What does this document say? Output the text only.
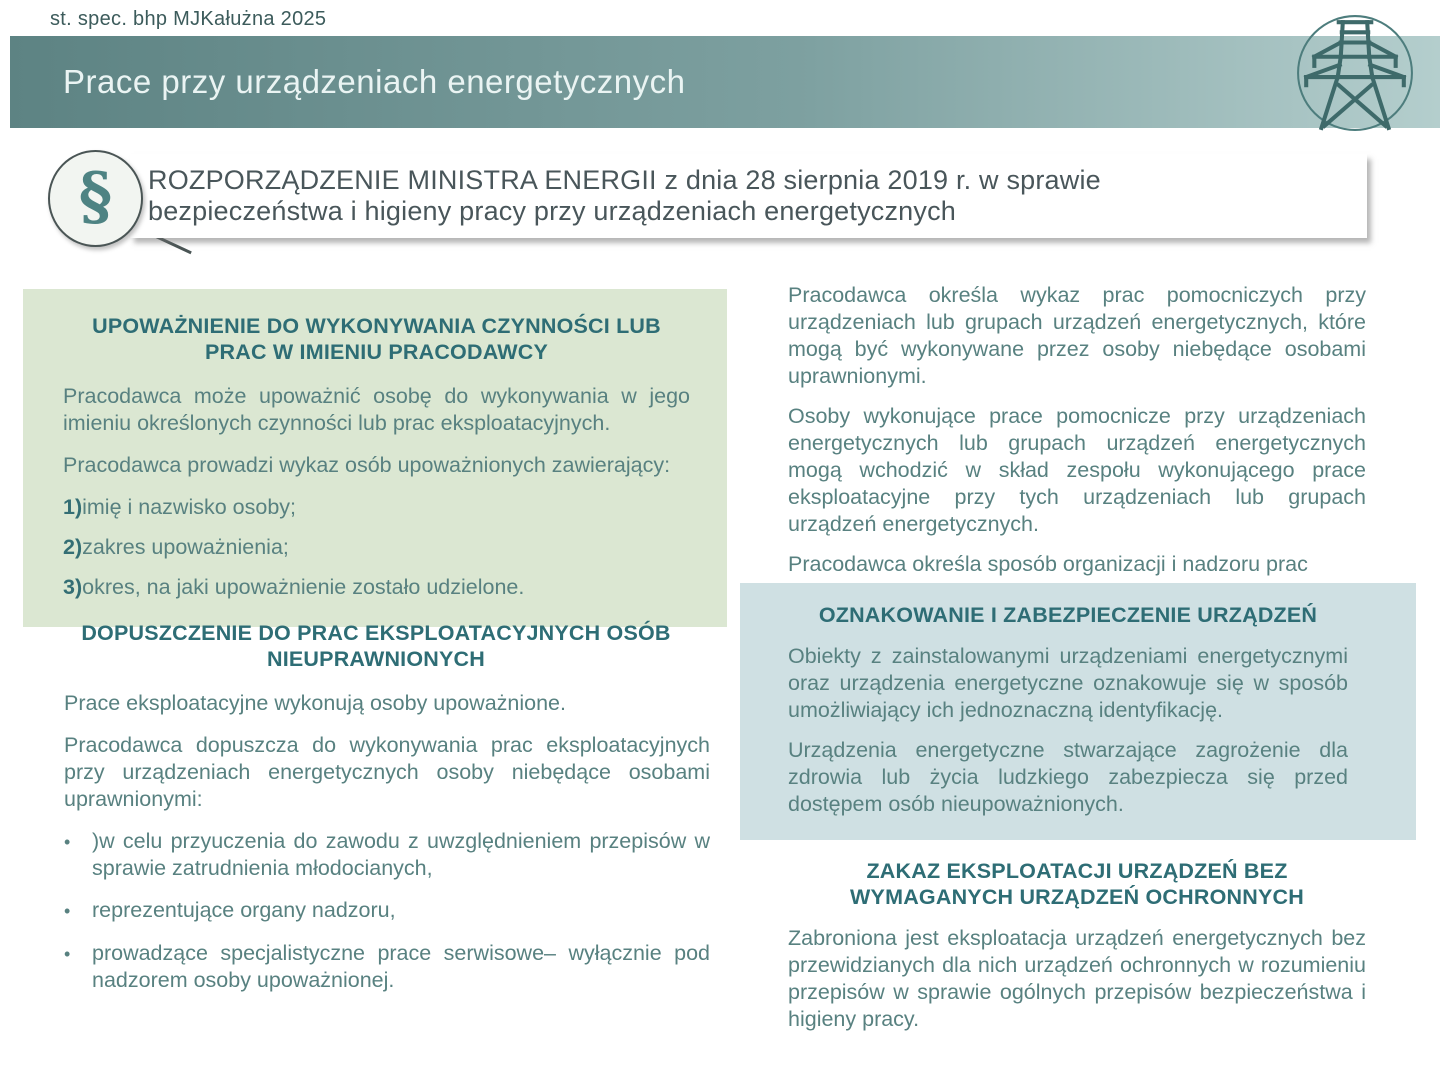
st. spec. bhp MJKałużna 2025
Prace przy urządzeniach energetycznych
ROZPORZĄDZENIE MINISTRA ENERGII z dnia 28 sierpnia 2019 r. w sprawie bezpieczeństwa i higieny pracy przy urządzeniach energetycznych
§
UPOWAŻNIENIE DO WYKONYWANIA CZYNNOŚCI LUB PRAC W IMIENIU PRACODAWCY

Pracodawca może upoważnić osobę do wykonywania w jego imieniu określonych czynności lub prac eksploatacyjnych.

Pracodawca prowadzi wykaz osób upoważnionych zawierający:

1)imię i nazwisko osoby;
2)zakres upoważnienia;
3)okres, na jaki upoważnienie zostało udzielone.
DOPUSZCZENIE DO PRAC EKSPLOATACYJNYCH OSÓB NIEUPRAWNIONYCH

Prace eksploatacyjne wykonują osoby upoważnione.

Pracodawca dopuszcza do wykonywania prac eksploatacyjnych przy urządzeniach energetycznych osoby niebędące osobami uprawnionymi:

•
)w celu przyuczenia do zawodu z uwzględnieniem przepisów w sprawie zatrudnienia młodocianych,
•
reprezentujące organy nadzoru,
•
prowadzące specjalistyczne prace serwisowe– wyłącznie pod nadzorem osoby upoważnionej.

Pracodawca określa wykaz prac pomocniczych przy urządzeniach lub grupach urządzeń energetycznych, które mogą być wykonywane przez osoby niebędące osobami uprawnionymi.

Osoby wykonujące prace pomocnicze przy urządzeniach energetycznych lub grupach urządzeń energetycznych mogą wchodzić w skład zespołu wykonującego prace eksploatacyjne przy tych urządzeniach lub grupach urządzeń energetycznych.

Pracodawca określa sposób organizacji i nadzoru prac

OZNAKOWANIE I ZABEZPIECZENIE URZĄDZEŃ

Obiekty z zainstalowanymi urządzeniami energetycznymi oraz urządzenia energetyczne oznakowuje się w sposób umożliwiający ich jednoznaczną identyfikację.

Urządzenia energetyczne stwarzające zagrożenie dla zdrowia lub życia ludzkiego zabezpiecza się przed dostępem osób nieupoważnionych.

ZAKAZ EKSPLOATACJI URZĄDZEŃ BEZ WYMAGANYCH URZĄDZEŃ OCHRONNYCH

Zabroniona jest eksploatacja urządzeń energetycznych bez przewidzianych dla nich urządzeń ochronnych w rozumieniu przepisów w sprawie ogólnych przepisów bezpieczeństwa i higieny pracy.
